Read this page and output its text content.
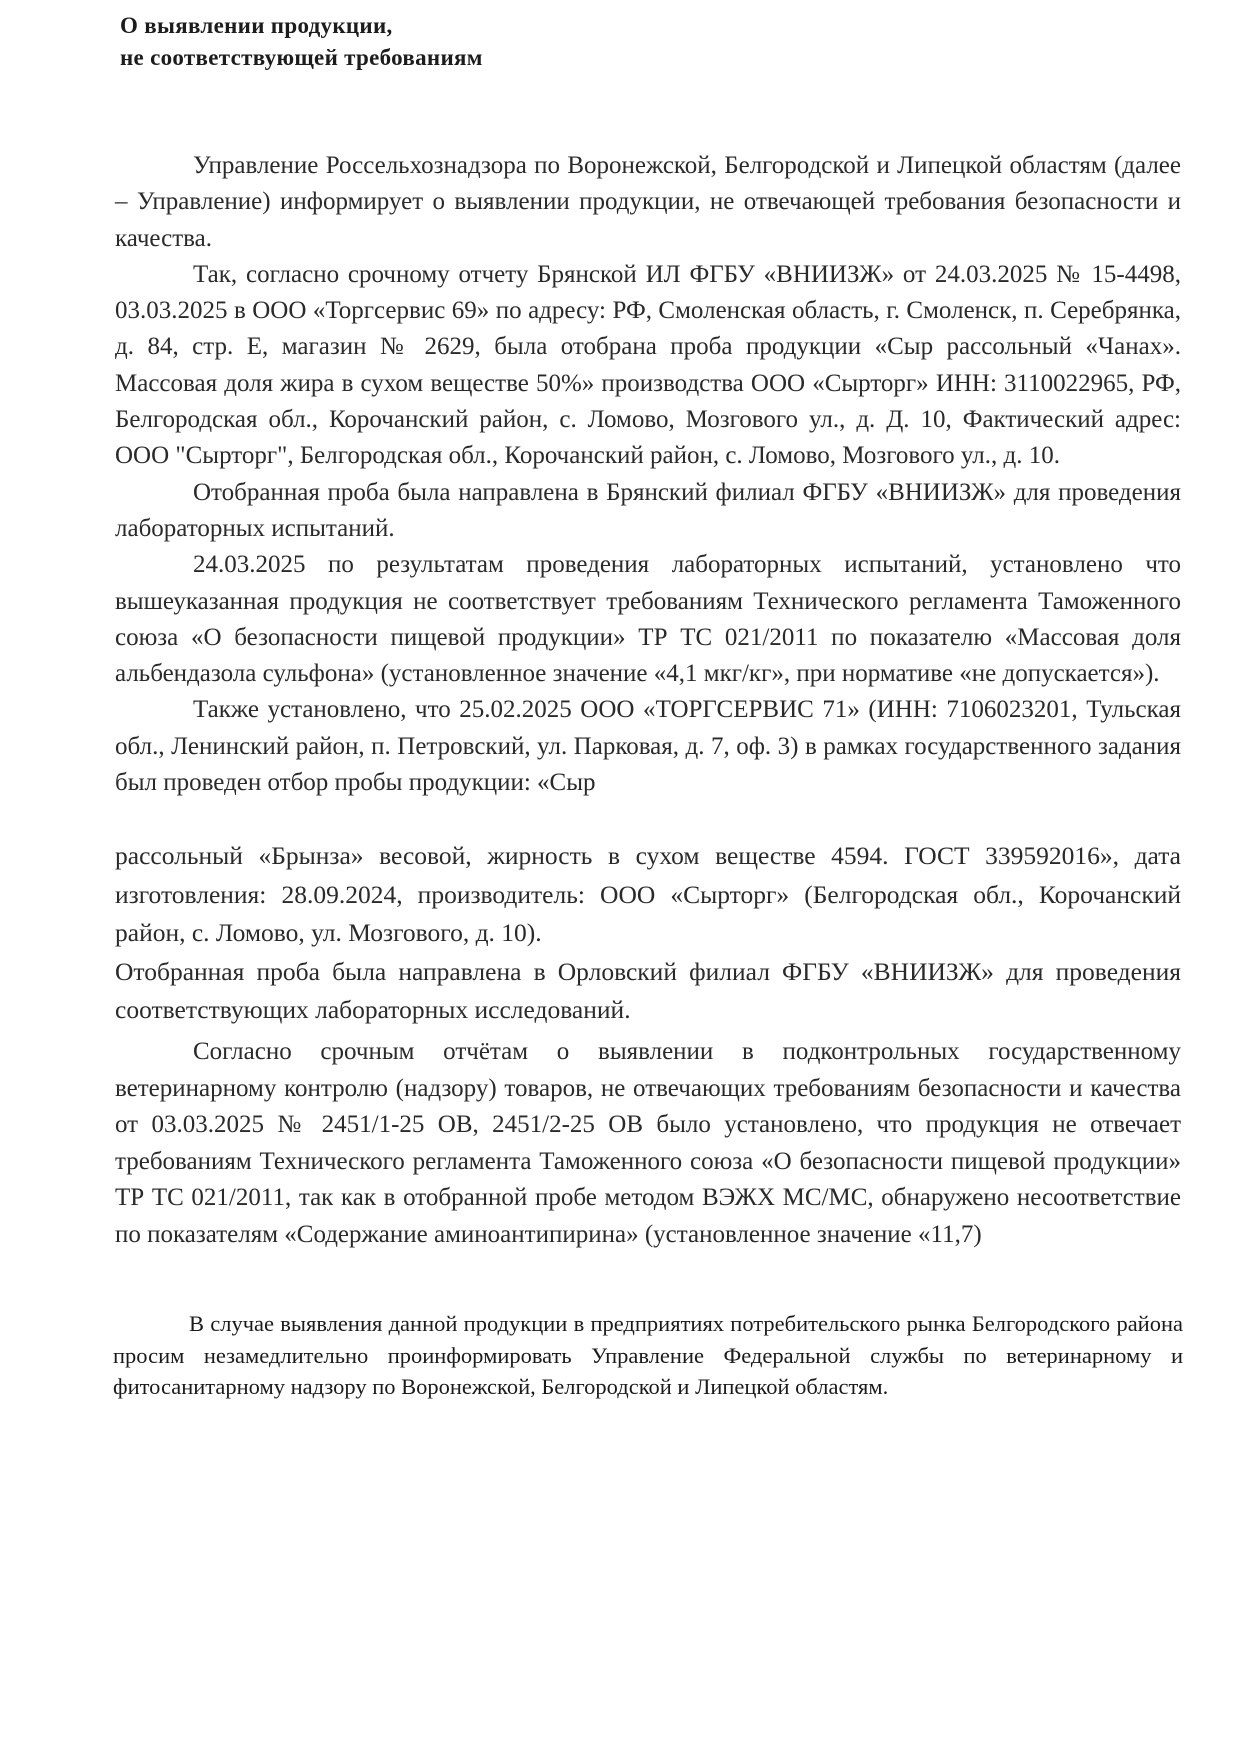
О выявлении продукции,
не соответствующей требованиям

Управление Россельхознадзора по Воронежской, Белгородской и Липецкой областям (далее – Управление) информирует о выявлении продукции, не отвечающей требования безопасности и качества.

Так, согласно срочному отчету Брянской ИЛ ФГБУ «ВНИИЗЖ» от 24.03.2025 № 15-4498, 03.03.2025 в ООО «Торгсервис 69» по адресу: РФ, Смоленская область, г. Смоленск, п. Серебрянка, д. 84, стр. Е, магазин № 2629, была отобрана проба продукции «Сыр рассольный «Чанах». Массовая доля жира в сухом веществе 50%» производства ООО «Сырторг» ИНН: 3110022965, РФ, Белгородская обл., Корочанский район, с. Ломово, Мозгового ул., д. Д. 10, Фактический адрес: ООО "Сырторг", Белгородская обл., Корочанский район, с. Ломово, Мозгового ул., д. 10.

Отобранная проба была направлена в Брянский филиал ФГБУ «ВНИИЗЖ» для проведения лабораторных испытаний.

24.03.2025 по результатам проведения лабораторных испытаний, установлено что вышеуказанная продукция не соответствует требованиям Технического регламента Таможенного союза «О безопасности пищевой продукции» ТР ТС 021/2011 по показателю «Массовая доля альбендазола сульфона» (установленное значение «4,1 мкг/кг», при нормативе «не допускается»).

Также установлено, что 25.02.2025 ООО «ТОРГСЕРВИС 71» (ИНН: 7106023201, Тульская обл., Ленинский район, п. Петровский, ул. Парковая, д. 7, оф. 3) в рамках государственного задания был проведен отбор пробы продукции: «Сыр

рассольный «Брынза» весовой, жирность в сухом веществе 4594. ГОСТ 339592016», дата изготовления: 28.09.2024, производитель: ООО «Сырторг» (Белгородская обл., Корочанский район, с. Ломово, ул. Мозгового, д. 10).

Отобранная проба была направлена в Орловский филиал ФГБУ «ВНИИЗЖ» для проведения соответствующих лабораторных исследований.

Согласно срочным отчётам о выявлении в подконтрольных государственному ветеринарному контролю (надзору) товаров, не отвечающих требованиям безопасности и качества от 03.03.2025 № 2451/1-25 ОВ, 2451/2-25 ОВ было установлено, что продукция не отвечает требованиям Технического регламента Таможенного союза «О безопасности пищевой продукции» ТР ТС 021/2011, так как в отобранной пробе методом ВЭЖХ МС/МС, обнаружено несоответствие по показателям «Содержание аминоантипирина» (установленное значение «11,7)

В случае выявления данной продукции в предприятиях потребительского рынка Белгородского района просим незамедлительно проинформировать Управление Федеральной службы по ветеринарному и фитосанитарному надзору по Воронежской, Белгородской и Липецкой областям.
